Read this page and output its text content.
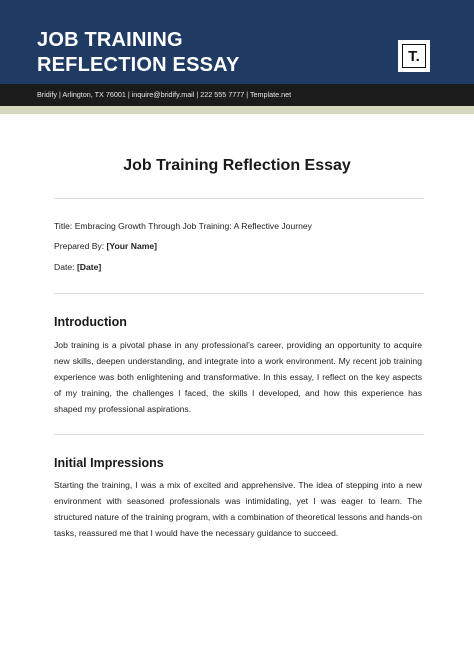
JOB TRAINING
REFLECTION ESSAY	T.
Bridify | Arlington, TX 76001 | inquire@bridify.mail | 222 555 7777 | Template.net
Job Training Reflection Essay
Title: Embracing Growth Through Job Training: A Reflective Journey
Prepared By: [Your Name]
Date: [Date]
Introduction

Job training is a pivotal phase in any professional’s career, providing an opportunity to acquire new skills, deepen understanding, and integrate into a work environment. My recent job training experience was both enlightening and transformative. In this essay, I reflect on the key aspects of my training, the challenges I faced, the skills I developed, and how this experience has shaped my professional aspirations.

Initial Impressions

Starting the training, I was a mix of excited and apprehensive. The idea of stepping into a new environment with seasoned professionals was intimidating, yet I was eager to learn. The structured nature of the training program, with a combination of theoretical lessons and hands-on tasks, reassured me that I would have the necessary guidance to succeed.
